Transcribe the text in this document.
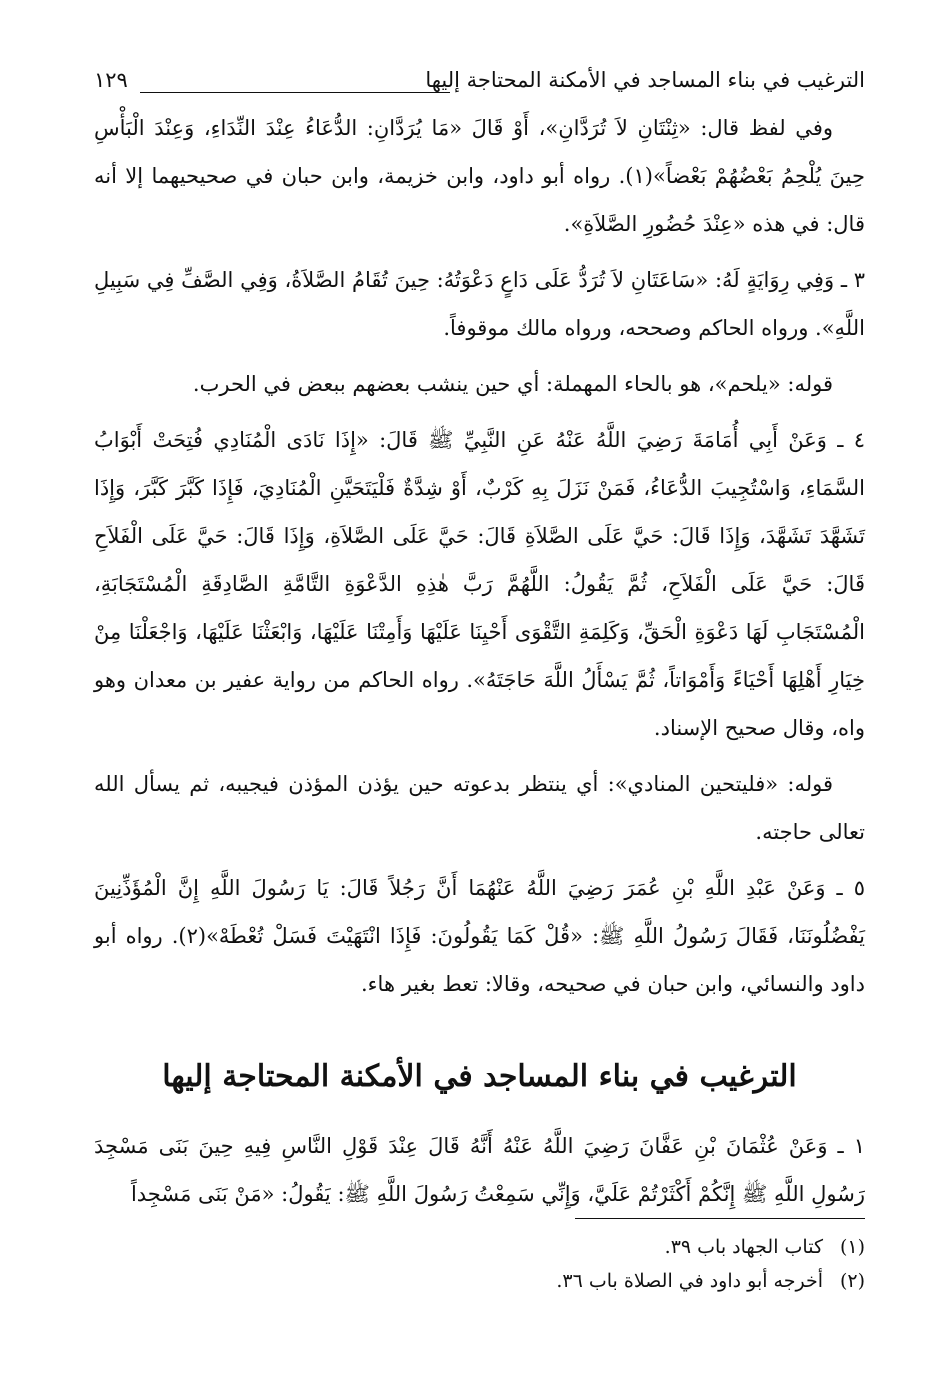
الترغيب في بناء المساجد في الأمكنة المحتاجة إليها
١٢٩

وفي لفظ قال: «ثِنْتَانِ لاَ تُرَدَّانِ»، أَوْ قَالَ «مَا يُرَدَّانِ: الدُّعَاءُ عِنْدَ النِّدَاءِ، وَعِنْدَ الْبَأْسِ حِينَ يُلْحِمُ بَعْضُهُمْ بَعْضاً»(١). رواه أبو داود، وابن خزيمة، وابن حبان في صحيحيهما إلا أنه قال: في هذه «عِنْدَ حُضُورِ الصَّلاَةِ».

٣ ـ وَفِي رِوَايَةٍ لَهُ: «سَاعَتَانِ لاَ تُرَدُّ عَلَى دَاعٍ دَعْوَتُهُ: حِينَ تُقَامُ الصَّلاَةُ، وَفِي الصَّفِّ فِي سَبِيلِ اللَّهِ». ورواه الحاكم وصححه، ورواه مالك موقوفاً.

قوله: «يلحم»، هو بالحاء المهملة: أي حين ينشب بعضهم ببعض في الحرب.

٤ ـ وَعَنْ أَبِي أُمَامَةَ رَضِيَ اللَّهُ عَنْهُ عَنِ النَّبِيِّ ﷺ قَالَ: «إِذَا نَادَى الْمُنَادِي فُتِحَتْ أَبْوَابُ السَّمَاءِ، وَاسْتُجِيبَ الدُّعَاءُ، فَمَنْ نَزَلَ بِهِ كَرْبٌ، أَوْ شِدَّةٌ فَلْيَتَحَيَّنِ الْمُنَادِيَ، فَإِذَا كَبَّرَ كَبَّرَ، وَإِذَا تَشَهَّدَ تَشَهَّدَ، وَإِذَا قَالَ: حَيَّ عَلَى الصَّلاَةِ قَالَ: حَيَّ عَلَى الصَّلاَةِ، وَإِذَا قَالَ: حَيَّ عَلَى الْفَلاَحِ قَالَ: حَيَّ عَلَى الْفَلاَحِ، ثُمَّ يَقُولُ: اللَّهُمَّ رَبَّ هٰذِهِ الدَّعْوَةِ التَّامَّةِ الصَّادِقَةِ الْمُسْتَجَابَةِ، الْمُسْتَجَابِ لَهَا دَعْوَةِ الْحَقِّ، وَكَلِمَةِ التَّقْوَى أَحْيِنَا عَلَيْهَا وَأَمِتْنَا عَلَيْهَا، وَابْعَثْنَا عَلَيْهَا، وَاجْعَلْنَا مِنْ خِيَارِ أَهْلِهَا أَحْيَاءً وَأَمْوَاتاً، ثُمَّ يَسْأَلُ اللَّهَ حَاجَتَهُ». رواه الحاكم من رواية عفير بن معدان وهو واه، وقال صحيح الإسناد.

قوله: «فليتحين المنادي»: أي ينتظر بدعوته حين يؤذن المؤذن فيجيبه، ثم يسأل الله تعالى حاجته.

٥ ـ وَعَنْ عَبْدِ اللَّهِ بْنِ عُمَرَ رَضِيَ اللَّهُ عَنْهُمَا أَنَّ رَجُلاً قَالَ: يَا رَسُولَ اللَّهِ إِنَّ الْمُؤَذِّنِينَ يَفْضُلُونَنَا، فَقَالَ رَسُولُ اللَّهِ ﷺ: «قُلْ كَمَا يَقُولُونَ: فَإِذَا انْتَهَيْتَ فَسَلْ تُعْطَهْ»(٢). رواه أبو داود والنسائي، وابن حبان في صحيحه، وقالا: تعط بغير هاء.

الترغيب في بناء المساجد في الأمكنة المحتاجة إليها

١ ـ وَعَنْ عُثْمَانَ بْنِ عَفَّانَ رَضِيَ اللَّهُ عَنْهُ أَنَّهُ قَالَ عِنْدَ قَوْلِ النَّاسِ فِيهِ حِينَ بَنَى مَسْجِدَ رَسُولِ اللَّهِ ﷺ إِنَّكُمْ أَكْثَرْتُمْ عَلَيَّ، وَإِنِّي سَمِعْتُ رَسُولَ اللَّهِ ﷺ: يَقُولُ: «مَنْ بَنَى مَسْجِداً

(١)
كتاب الجهاد باب ٣٩.
(٢)
أخرجه أبو داود في الصلاة باب ٣٦.
